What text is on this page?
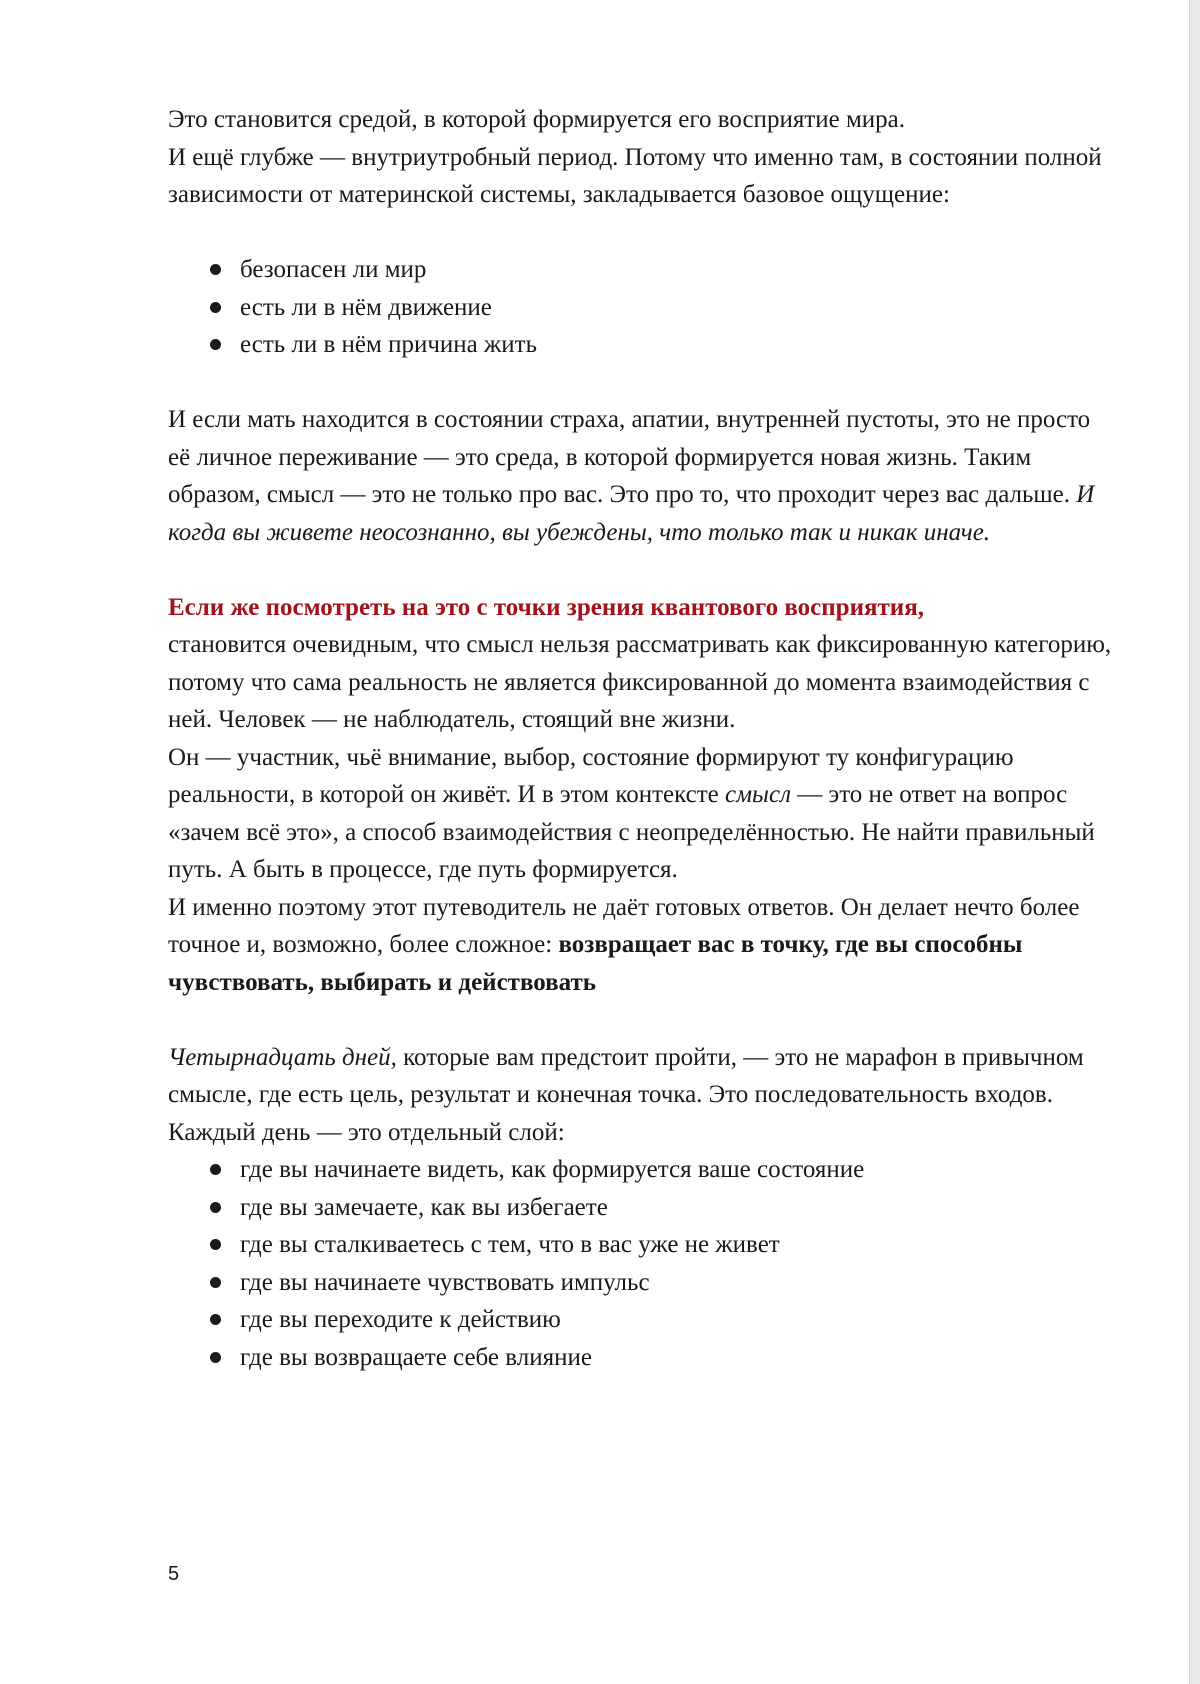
Это становится средой, в которой формируется его восприятие мира.

И ещё глубже — внутриутробный период. Потому что именно там, в состоянии полной зависимости от материнской системы, закладывается базовое ощущение:

безопасен ли мир
есть ли в нём движение
есть ли в нём причина жить

И если мать находится в состоянии страха, апатии, внутренней пустоты, это не просто её личное переживание — это среда, в которой формируется новая жизнь. Таким образом, смысл — это не только про вас. Это про то, что проходит через вас дальше. И когда вы живете неосознанно, вы убеждены, что только так и никак иначе.

Если же посмотреть на это с точки зрения квантового восприятия,

становится очевидным, что смысл нельзя рассматривать как фиксированную категорию, потому что сама реальность не является фиксированной до момента взаимодействия с ней. Человек — не наблюдатель, стоящий вне жизни.

Он — участник, чьё внимание, выбор, состояние формируют ту конфигурацию реальности, в которой он живёт. И в этом контексте смысл — это не ответ на вопрос «зачем всё это», а способ взаимодействия с неопределённостью. Не найти правильный путь. А быть в процессе, где путь формируется.

И именно поэтому этот путеводитель не даёт готовых ответов. Он делает нечто более точное и, возможно, более сложное: возвращает вас в точку, где вы способны чувствовать, выбирать и действовать

Четырнадцать дней, которые вам предстоит пройти, — это не марафон в привычном смысле, где есть цель, результат и конечная точка. Это последовательность входов.

Каждый день — это отдельный слой:

где вы начинаете видеть, как формируется ваше состояние
где вы замечаете, как вы избегаете
где вы сталкиваетесь с тем, что в вас уже не живет
где вы начинаете чувствовать импульс
где вы переходите к действию
где вы возвращаете себе влияние
5
